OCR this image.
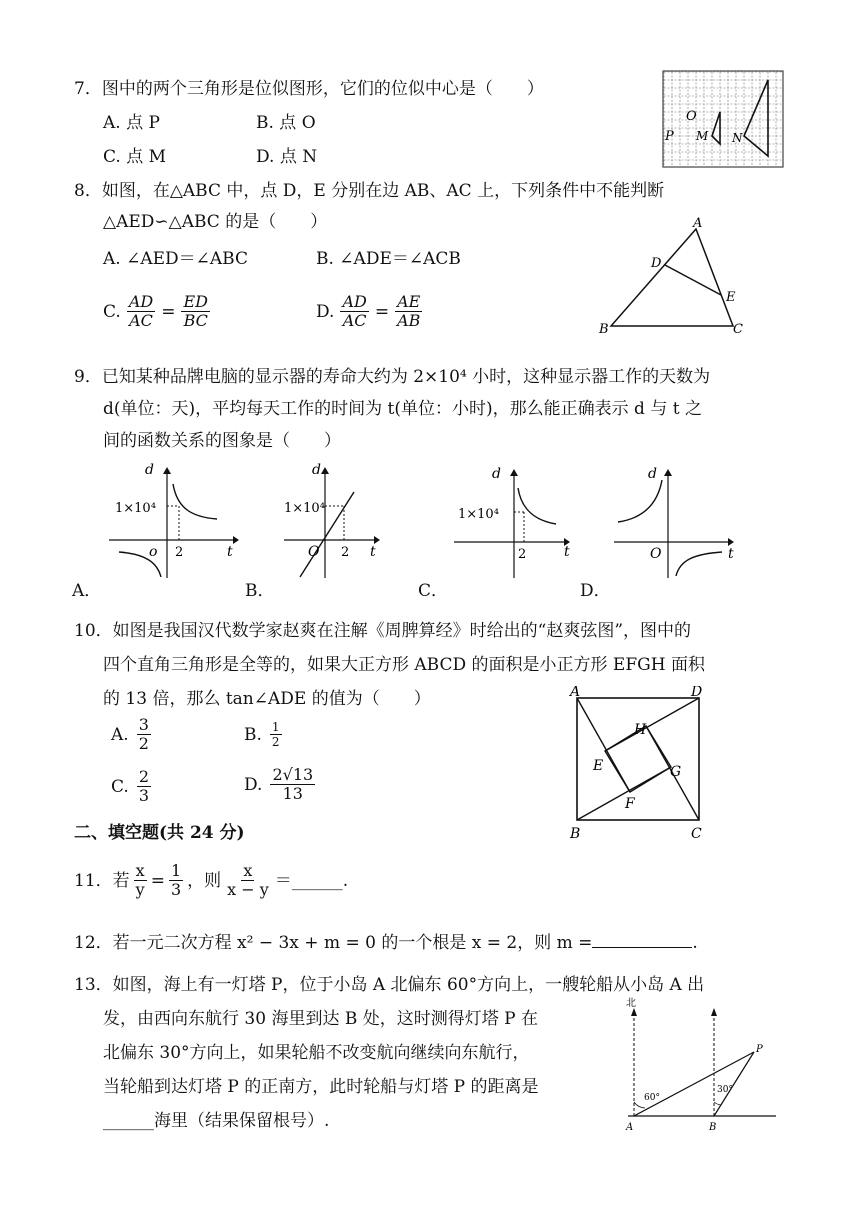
7．图中的两个三角形是位似图形，它们的位似中心是（　　）
A. 点 P	B. 点 O
C. 点 M	D. 点 N
P
O
M N
8．如图，在△ABC 中，点 D，E 分别在边 AB、AC 上，下列条件中不能判断
△AED∽△ABC 的是（　　）
A. ∠AED＝∠ABC	B. ∠ADE＝∠ACB
C. $\frac{AD}{AC} = \frac{ED}{BC}$	D. $\frac{AD}{AC} = \frac{AE}{AB}$
A
B	C
D
E
9．已知某种品牌电脑的显示器的寿命大约为 2×10⁴ 小时，这种显示器工作的天数为
d(单位：天)，平均每天工作的时间为 t(单位：小时)，那么能正确表示 d 与 t 之
间的函数关系的图象是（　　）
1×10⁴
d
t
o 2
A．
1×10⁴
d
t
O 2
B．
1×10⁴
d
t
2
C．
d
t
O
D．
10．如图是我国汉代数学家赵爽在注解《周脾算经》时给出的“赵爽弦图”，图中的
四个直角三角形是全等的，如果大正方形 ABCD 的面积是小正方形 EFGH 面积
的 13 倍，那么 tan∠ADE 的值为（　　）
A. $\frac{3}{2}$	B. $\frac{1}{2}$
C. $\frac{2}{3}$	D. $\frac{2√13}{13}$
A	D
B	C
E
F
G
H
二、填空题(共 24 分)
11．若 $\frac{x}{y} = \frac{1}{3}$ ，则 $\frac{x}{x - y}$ ＝______.
12．若一元二次方程 x² − 3x + m = 0 的一个根是 x = 2，则 m =	.
13．如图，海上有一灯塔 P，位于小岛 A 北偏东 60°方向上，一艘轮船从小岛 A 出
发，由西向东航行 30 海里到达 B 处，这时测得灯塔 P 在
北偏东 30°方向上，如果轮船不改变航向继续向东航行，
当轮船到达灯塔 P 的正南方，此时轮船与灯塔 P 的距离是
______海里（结果保留根号）.
北
P
A	B
60°
30°
